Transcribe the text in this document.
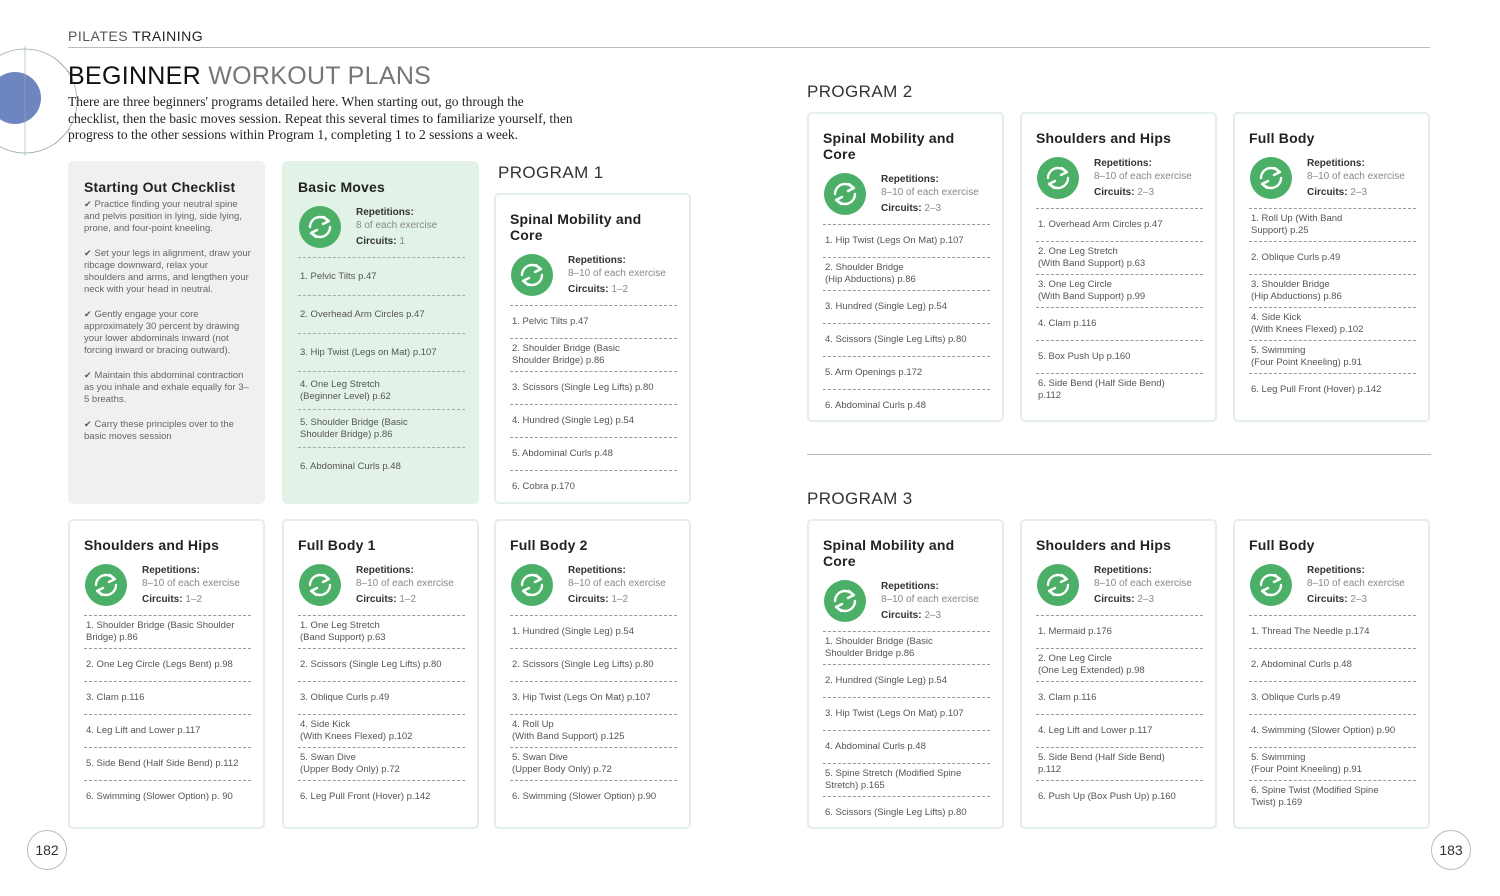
PILATES TRAINING
BEGINNER WORKOUT PLANS
There are three beginners' programs detailed here. When starting out, go through the checklist, then the basic moves session. Repeat this several times to familiarize yourself, then progress to the other sessions within Program 1, completing 1 to 2 sessions a week.
PROGRAM 1
PROGRAM 2
PROGRAM 3
Starting Out Checklist
✔ Practice finding your neutral spine and pelvis position in lying, side lying, prone, and four-point kneeling.
✔ Set your legs in alignment, draw your ribcage downward, relax your shoulders and arms, and lengthen your neck with your head in neutral.
✔ Gently engage your core approximately 30 percent by drawing your lower abdominals inward (not forcing inward or bracing outward).
✔ Maintain this abdominal contraction as you inhale and exhale equally for 3–5 breaths.
✔ Carry these principles over to the basic moves session
Basic Moves
Repetitions:
8 of each exercise
Circuits: 1
1. Pelvic Tilts p.47
2. Overhead Arm Circles p.47
3. Hip Twist (Legs on Mat) p.107
4. One Leg Stretch
(Beginner Level) p.62
5. Shoulder Bridge (Basic
Shoulder Bridge) p.86
6. Abdominal Curls p.48
Spinal Mobility and Core
Repetitions:
8–10 of each exercise
Circuits: 1–2
1. Pelvic Tilts p.47
2. Shoulder Bridge (Basic
Shoulder Bridge) p.86
3. Scissors (Single Leg Lifts) p.80
4. Hundred (Single Leg) p.54
5. Abdominal Curls p.48
6. Cobra p.170
Shoulders and Hips
Repetitions:
8–10 of each exercise
Circuits: 1–2
1. Shoulder Bridge (Basic Shoulder
Bridge) p.86
2. One Leg Circle (Legs Bent) p.98
3. Clam p.116
4. Leg Lift and Lower p.117
5. Side Bend (Half Side Bend) p.112
6. Swimming (Slower Option) p. 90
Full Body 1
Repetitions:
8–10 of each exercise
Circuits: 1–2
1. One Leg Stretch
(Band Support) p.63
2. Scissors (Single Leg Lifts) p.80
3. Oblique Curls p.49
4. Side Kick
(With Knees Flexed) p.102
5. Swan Dive
(Upper Body Only) p.72
6. Leg Pull Front (Hover) p.142
Full Body 2
Repetitions:
8–10 of each exercise
Circuits: 1–2
1. Hundred (Single Leg) p.54
2. Scissors (Single Leg Lifts) p.80
3. Hip Twist (Legs On Mat) p.107
4. Roll Up
(With Band Support) p.125
5. Swan Dive
(Upper Body Only) p.72
6. Swimming (Slower Option) p.90
Spinal Mobility and Core
Repetitions:
8–10 of each exercise
Circuits: 2–3
1. Hip Twist (Legs On Mat) p.107
2. Shoulder Bridge
(Hip Abductions) p.86
3. Hundred (Single Leg) p.54
4. Scissors (Single Leg Lifts) p.80
5. Arm Openings p.172
6. Abdominal Curls p.48
Shoulders and Hips
Repetitions:
8–10 of each exercise
Circuits: 2–3
1. Overhead Arm Circles p.47
2. One Leg Stretch
(With Band Support) p.63
3. One Leg Circle
(With Band Support) p.99
4. Clam p.116
5. Box Push Up p.160
6. Side Bend (Half Side Bend)
p.112
Full Body
Repetitions:
8–10 of each exercise
Circuits: 2–3
1. Roll Up (With Band
Support) p.25
2. Oblique Curls p.49
3. Shoulder Bridge
(Hip Abductions) p.86
4. Side Kick
(With Knees Flexed) p.102
5. Swimming
(Four Point Kneeling) p.91
6. Leg Pull Front (Hover) p.142
Spinal Mobility and Core
Repetitions:
8–10 of each exercise
Circuits: 2–3
1. Shoulder Bridge (Basic
Shoulder Bridge p.86
2. Hundred (Single Leg) p.54
3. Hip Twist (Legs On Mat) p.107
4. Abdominal Curls p.48
5. Spine Stretch (Modified Spine
Stretch) p.165
6. Scissors (Single Leg Lifts) p.80
Shoulders and Hips
Repetitions:
8–10 of each exercise
Circuits: 2–3
1. Mermaid p.176
2. One Leg Circle
(One Leg Extended) p.98
3. Clam p.116
4. Leg Lift and Lower p.117
5. Side Bend (Half Side Bend)
p.112
6. Push Up (Box Push Up) p.160
Full Body
Repetitions:
8–10 of each exercise
Circuits: 2–3
1. Thread The Needle p.174
2. Abdominal Curls p.48
3. Oblique Curls p.49
4. Swimming (Slower Option) p.90
5. Swimming
(Four Point Kneeling) p.91
6. Spine Twist (Modified Spine
Twist) p.169
182	183
